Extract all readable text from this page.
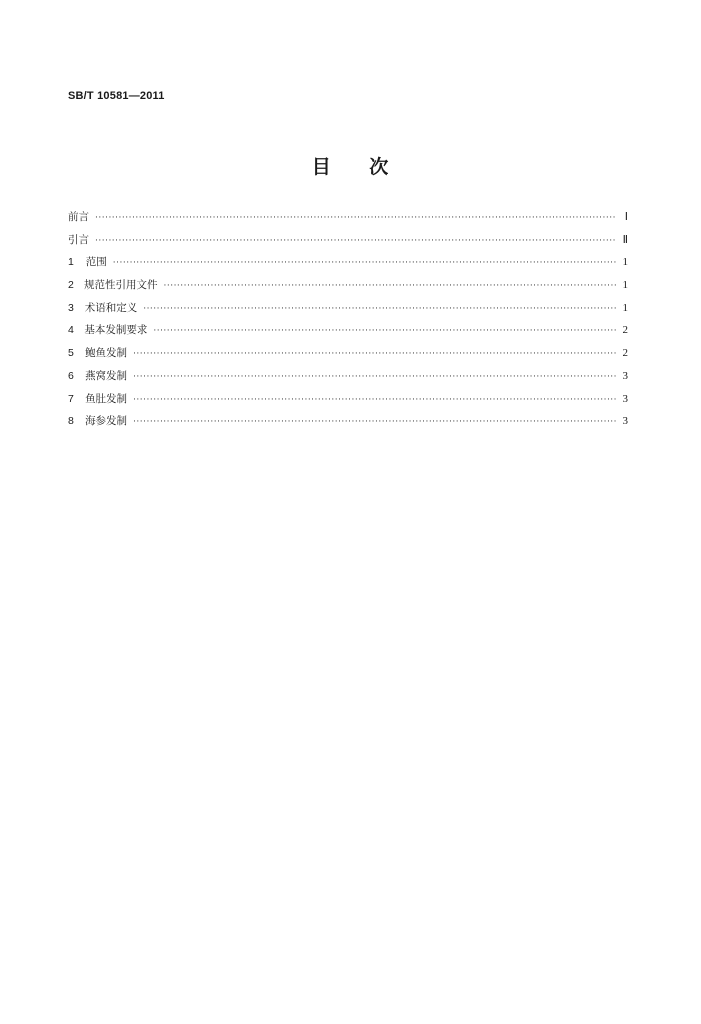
SB/T 10581—2011
目 次
前言 ·····	Ⅰ
引言 ·····	Ⅱ
1	范围 ·····	1
2 规范性引用文件 ·····	1
3	术语和定义 ·····	1
4	基本发制要求 ·····	2
5	鲍鱼发制 ·····	2
6	燕窝发制 ·····	3
7	鱼肚发制 ·····	3
8	海参发制 ·····	3
